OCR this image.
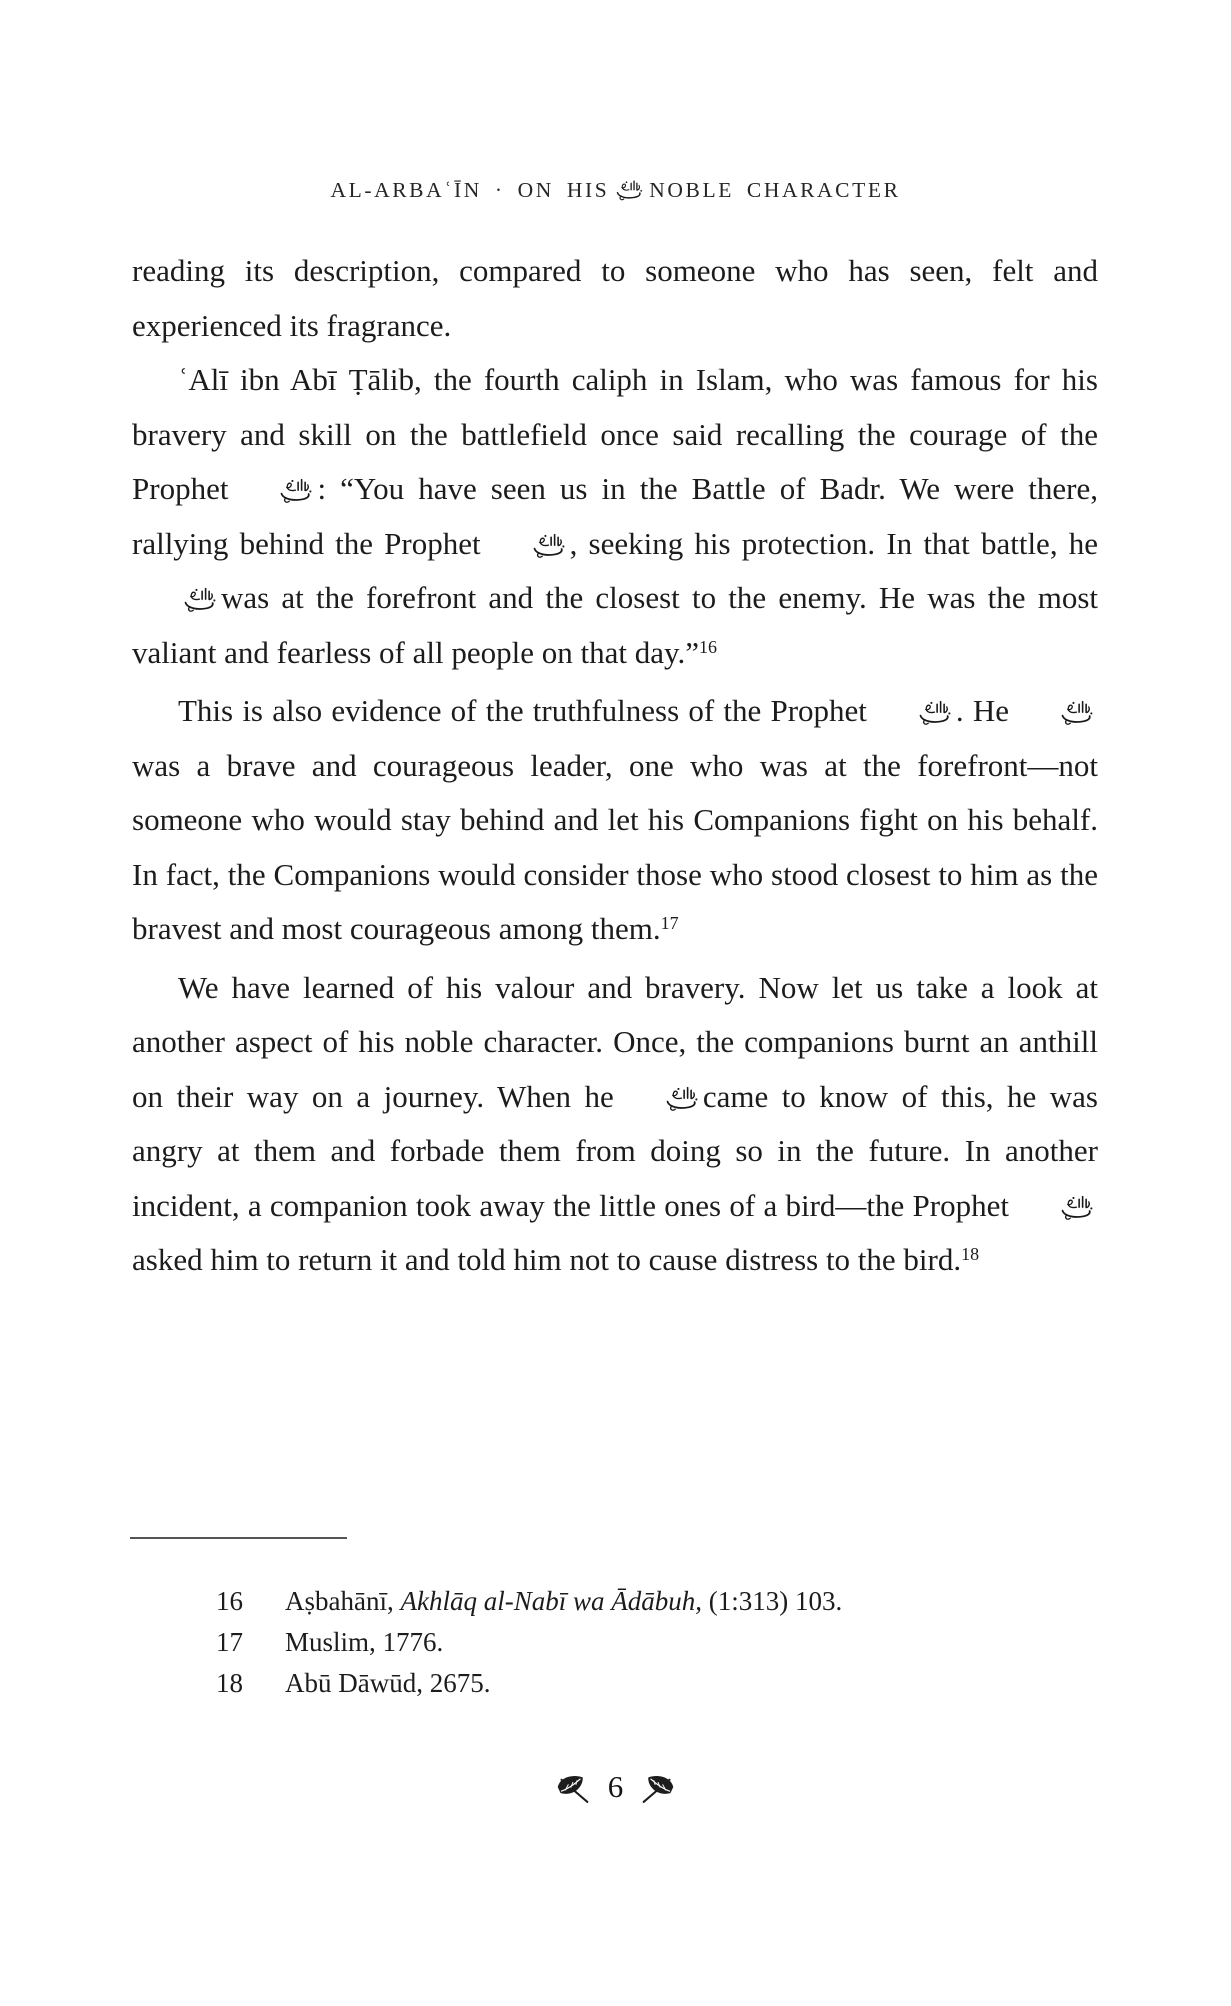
AL-ARBAʿĪN · ON HIS NOBLE CHARACTER

reading its description, compared to someone who has seen, felt and experienced its fragrance.

ʿAlī ibn Abī Ṭālib, the fourth caliph in Islam, who was famous for his bravery and skill on the battlefield once said recalling the courage of the Prophet	: “You have seen us in the Battle of Badr. We were there, rallying behind the Prophet	, seeking his protection. In that battle, hewas at the forefront and the closest to the enemy. He was the most valiant and fearless of all people on that day.”$^{16}$

This is also evidence of the truthfulness of the Prophet	. Hewas a brave and courageous leader, one who was at the forefront—not someone who would stay behind and let his Companions fight on his behalf. In fact, the Companions would consider those who stood closest to him as the bravest and most courageous among them.$^{17}$

We have learned of his valour and bravery. Now let us take a look at another aspect of his noble character. Once, the companions burnt an anthill on their way on a journey. When he	came to know of this, he was angry at them and forbade them from doing so in the future. In another incident, a companion took away the little ones of a bird—the Prophetasked him to return it and told him not to cause distress to the bird.$^{18}$

16	Aṣbahānī, Akhlāq al-Nabī wa Ādābuh, (1:313) 103.
17	Muslim, 1776.
18	Abū Dāwūd, 2675.
6
